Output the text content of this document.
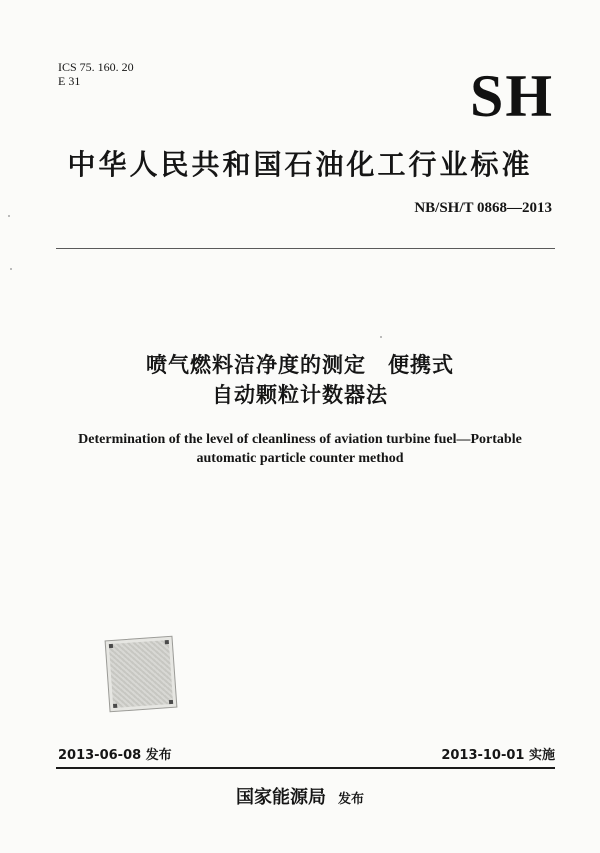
ICS 75. 160. 20
E 31	SH
中华人民共和国石油化工行业标准
NB/SH/T 0868—2013
喷气燃料洁净度的测定 便携式
自动颗粒计数器法
Determination of the level of cleanliness of aviation turbine fuel—Portable
automatic particle counter method
2013-06-08 发布	2013-10-01 实施
国家能源局 发布
